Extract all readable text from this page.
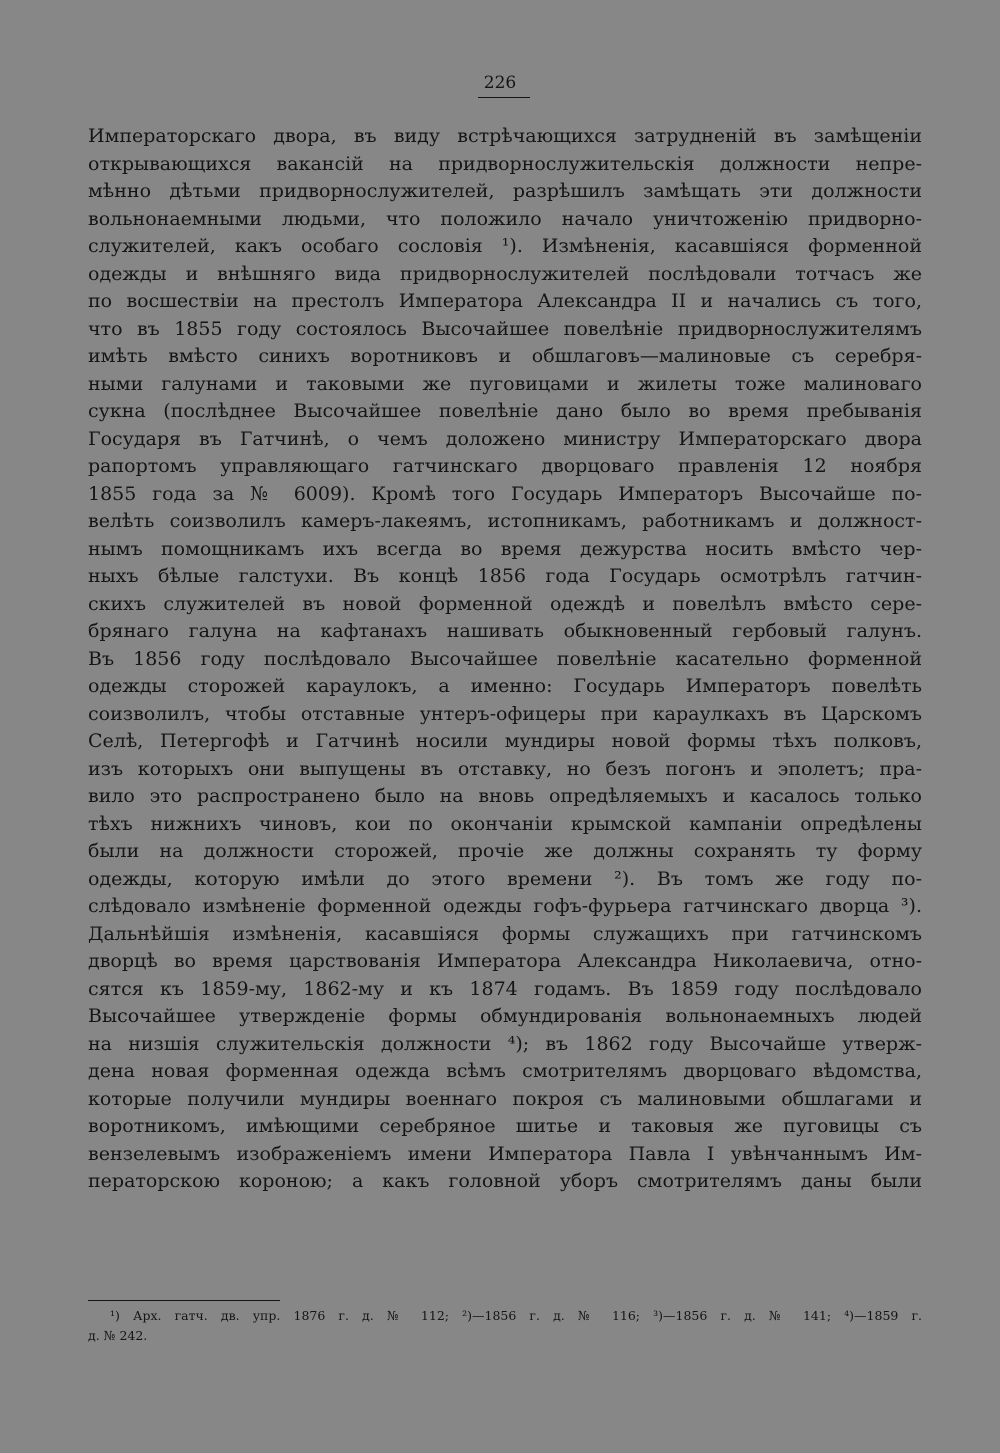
226
Императорскаго двора, въ виду встрѣчающихся затрудненій въ замѣщеніи
открывающихся вакансій на придворнослужительскія должности непре-
мѣнно дѣтьми придворнослужителей, разрѣшилъ замѣщать эти должности
вольнонаемными людьми, что положило начало уничтоженію придворно-
служителей, какъ особаго сословія ¹). Измѣненія, касавшіяся форменной
одежды и внѣшняго вида придворнослужителей послѣдовали тотчасъ же
по восшествіи на престолъ Императора Александра II и начались съ того,
что въ 1855 году состоялось Высочайшее повелѣніе придворнослужителямъ
имѣть вмѣсто синихъ воротниковъ и обшлаговъ—малиновые съ серебря-
ными галунами и таковыми же пуговицами и жилеты тоже малиноваго
сукна (послѣднее Высочайшее повелѣніе дано было во время пребыванія
Государя въ Гатчинѣ, о чемъ доложено министру Императорскаго двора
рапортомъ управляющаго гатчинскаго дворцоваго правленія 12 ноября
1855 года за № 6009). Кромѣ того Государь Императоръ Высочайше по-
велѣть соизволилъ камеръ-лакеямъ, истопникамъ, работникамъ и должност-
нымъ помощникамъ ихъ всегда во время дежурства носить вмѣсто чер-
ныхъ бѣлые галстухи. Въ концѣ 1856 года Государь осмотрѣлъ гатчин-
скихъ служителей въ новой форменной одеждѣ и повелѣлъ вмѣсто сере-
брянаго галуна на кафтанахъ нашивать обыкновенный гербовый галунъ.
Въ 1856 году послѣдовало Высочайшее повелѣніе касательно форменной
одежды сторожей караулокъ, а именно: Государь Императоръ повелѣть
соизволилъ, чтобы отставные унтеръ-офицеры при караулкахъ въ Царскомъ
Селѣ, Петергофѣ и Гатчинѣ носили мундиры новой формы тѣхъ полковъ,
изъ которыхъ они выпущены въ отставку, но безъ погонъ и эполетъ; пра-
вило это распространено было на вновь опредѣляемыхъ и касалось только
тѣхъ нижнихъ чиновъ, кои по окончаніи крымской кампаніи опредѣлены
были на должности сторожей, прочіе же должны сохранять ту форму
одежды, которую имѣли до этого времени ²). Въ томъ же году по-
слѣдовало измѣненіе форменной одежды гофъ-фурьера гатчинскаго дворца ³).
Дальнѣйшія измѣненія, касавшіяся формы служащихъ при гатчинскомъ
дворцѣ во время царствованія Императора Александра Николаевича, отно-
сятся къ 1859-му, 1862-му и къ 1874 годамъ. Въ 1859 году послѣдовало
Высочайшее утвержденіе формы обмундированія вольнонаемныхъ людей
на низшія служительскія должности ⁴); въ 1862 году Высочайше утверж-
дена новая форменная одежда всѣмъ смотрителямъ дворцоваго вѣдомства,
которые получили мундиры военнаго покроя съ малиновыми обшлагами и
воротникомъ, имѣющими серебряное шитье и таковыя же пуговицы съ
вензелевымъ изображеніемъ имени Императора Павла I увѣнчаннымъ Им-
ператорскою короною; а какъ головной уборъ смотрителямъ даны были
¹) Арх. гатч. дв. упр. 1876 г. д. № 112; ²)—1856 г. д. № 116; ³)—1856 г. д. № 141; ⁴)—1859 г.
д. № 242.
